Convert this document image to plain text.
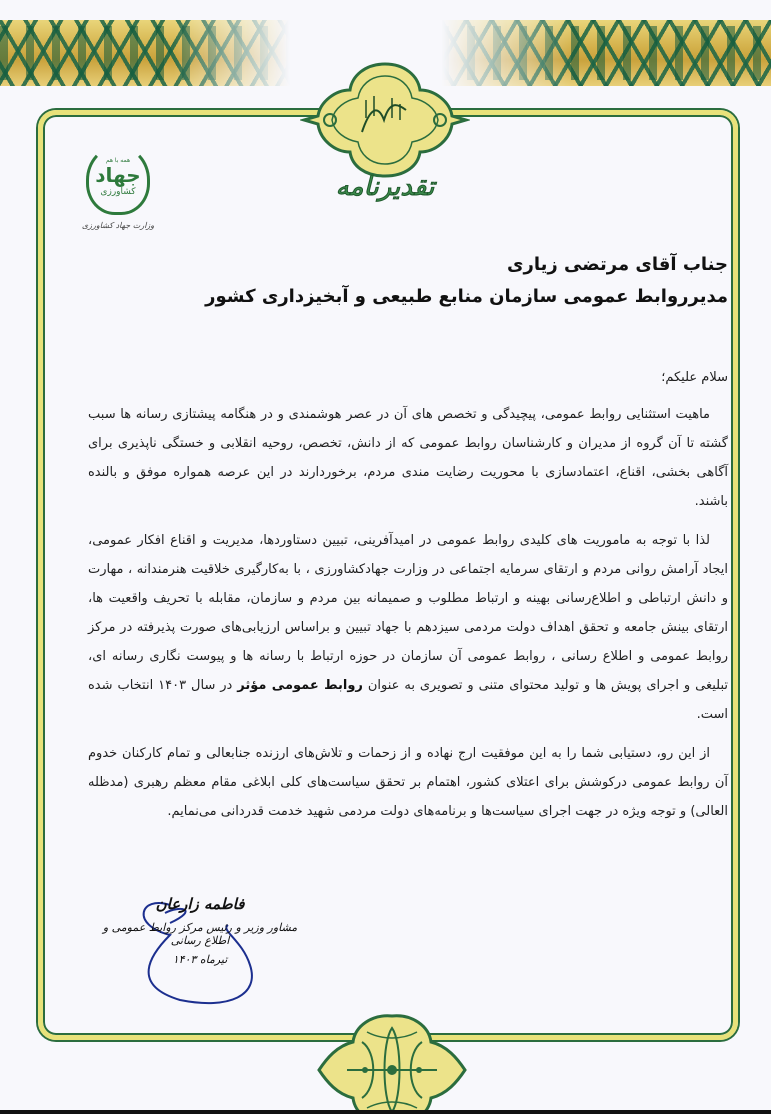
همه با هم
جهاد
کشاورزی
وزارت جهاد کشاورزی
تقدیرنامه
جناب آقای مرتضی زیاری
مدیرروابط عمومی سازمان منابع طبیعی و آبخیزداری کشور
سلام علیکم؛

ماهیت استثنایی روابط عمومی، پیچیدگی و تخصص های آن در عصر هوشمندی و در هنگامه پیشتازی رسانه ها سبب گشته تا آن گروه از مدیران و کارشناسان روابط عمومی که از دانش، تخصص، روحیه انقلابی و خستگی ناپذیری برای آگاهی بخشی، اقناع، اعتمادسازی با محوریت رضایت مندی مردم، برخوردارند در این عرصه همواره موفق و بالنده باشند.

لذا با توجه به ماموریت های کلیدی روابط عمومی در امیدآفرینی، تبیین دستاوردها، مدیریت و اقناع افکار عمومی، ایجاد آرامش روانی مردم و ارتقای سرمایه اجتماعی در وزارت جهادکشاورزی ، با به‌کارگیری خلاقیت هنرمندانه ، مهارت و دانش ارتباطی و اطلاع‌رسانی بهینه و ارتباط مطلوب و صمیمانه بین مردم و سازمان، مقابله با تحریف واقعیت ها، ارتقای بینش جامعه و تحقق اهداف دولت مردمی سیزدهم با جهاد تبیین و براساس ارزیابی‌های صورت پذیرفته در مرکز روابط عمومی و اطلاع رسانی ، روابط عمومی آن سازمان در حوزه ارتباط با رسانه ها و پیوست نگاری رسانه ای، تبلیغی و اجرای پویش ها و تولید محتوای متنی و تصویری به عنوان روابط عمومی مؤثر در سال ۱۴۰۳ انتخاب شده است.

از این رو، دستیابی شما را به این موفقیت ارج نهاده و از زحمات و تلاش‌های ارزنده جنابعالی و تمام کارکنان خدوم آن روابط عمومی درکوشش برای اعتلای کشور، اهتمام بر تحقق سیاست‌های کلی ابلاغی مقام معظم رهبری (مدظله العالی) و توجه ویژه در جهت اجرای سیاست‌ها و برنامه‌های دولت مردمی شهید خدمت قدردانی می‌نمایم.

فاطمه زارعان
مشاور وزیر و رئیس مرکز روابط عمومی و اطلاع رسانی
تیرماه ۱۴۰۳
